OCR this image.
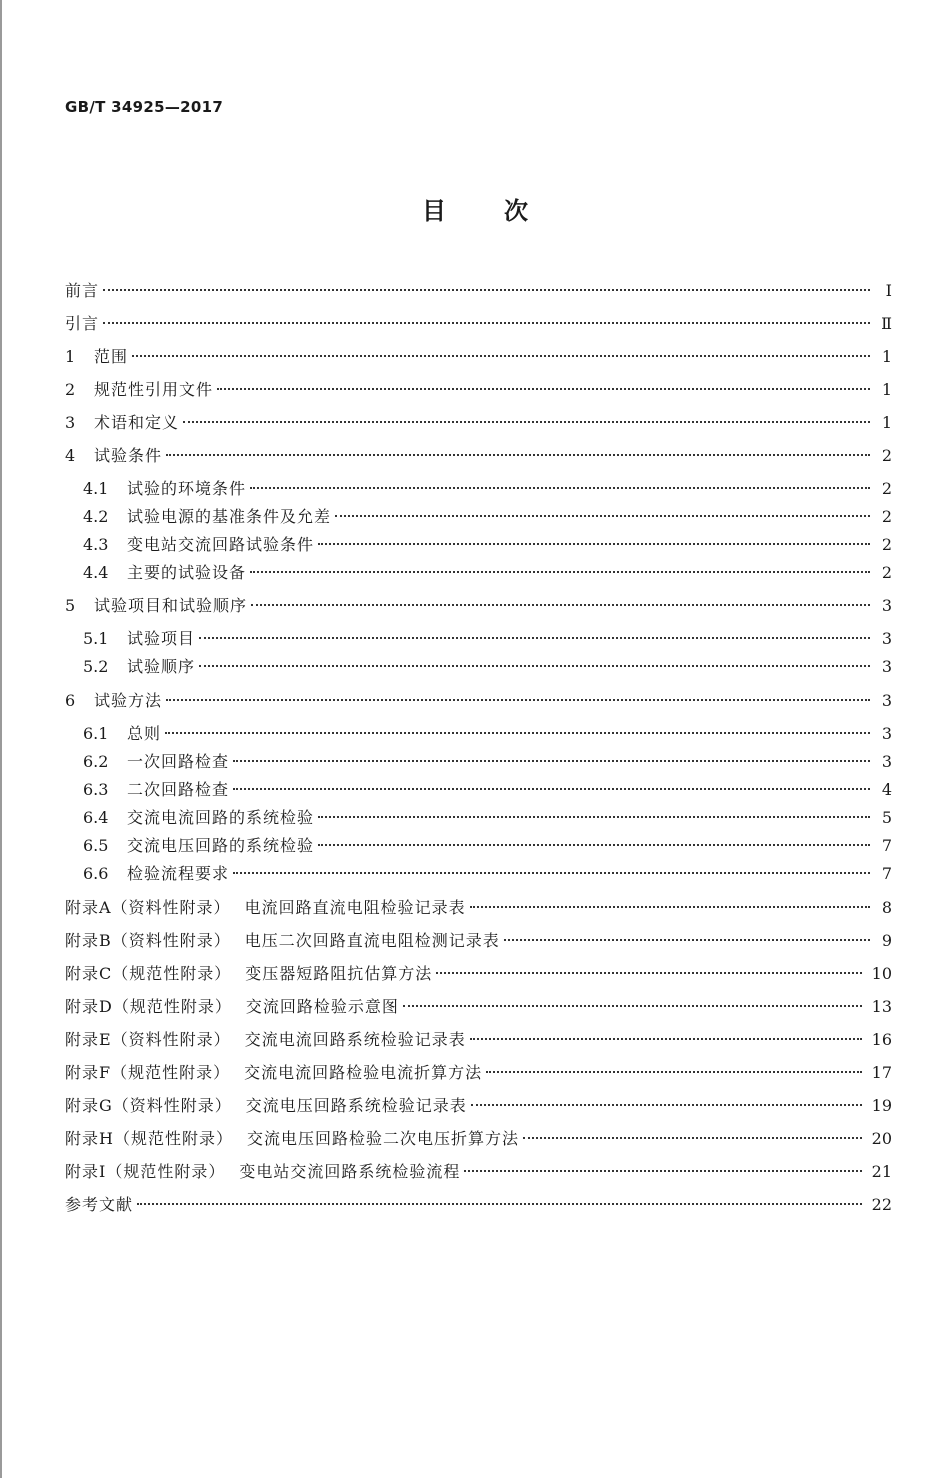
GB/T 34925—2017
目次
前言	Ⅰ
引言	Ⅱ
1	范围	1
2	规范性引用文件	1
3	术语和定义	1
4	试验条件	2
4.1	试验的环境条件	2
4.2	试验电源的基准条件及允差	2
4.3	变电站交流回路试验条件	2
4.4	主要的试验设备	2
5	试验项目和试验顺序	3
5.1	试验项目	3
5.2	试验顺序	3
6	试验方法	3
6.1	总则	3
6.2	一次回路检查	3
6.3	二次回路检查	4
6.4	交流电流回路的系统检验	5
6.5	交流电压回路的系统检验	7
6.6	检验流程要求	7
附录A（资料性附录） 电流回路直流电阻检验记录表	8
附录B（资料性附录） 电压二次回路直流电阻检测记录表	9
附录C（规范性附录） 变压器短路阻抗估算方法	10
附录D（规范性附录） 交流回路检验示意图	13
附录E（资料性附录） 交流电流回路系统检验记录表	16
附录F（规范性附录） 交流电流回路检验电流折算方法	17
附录G（资料性附录） 交流电压回路系统检验记录表	19
附录H（规范性附录） 交流电压回路检验二次电压折算方法	20
附录I（规范性附录） 变电站交流回路系统检验流程	21
参考文献	22
